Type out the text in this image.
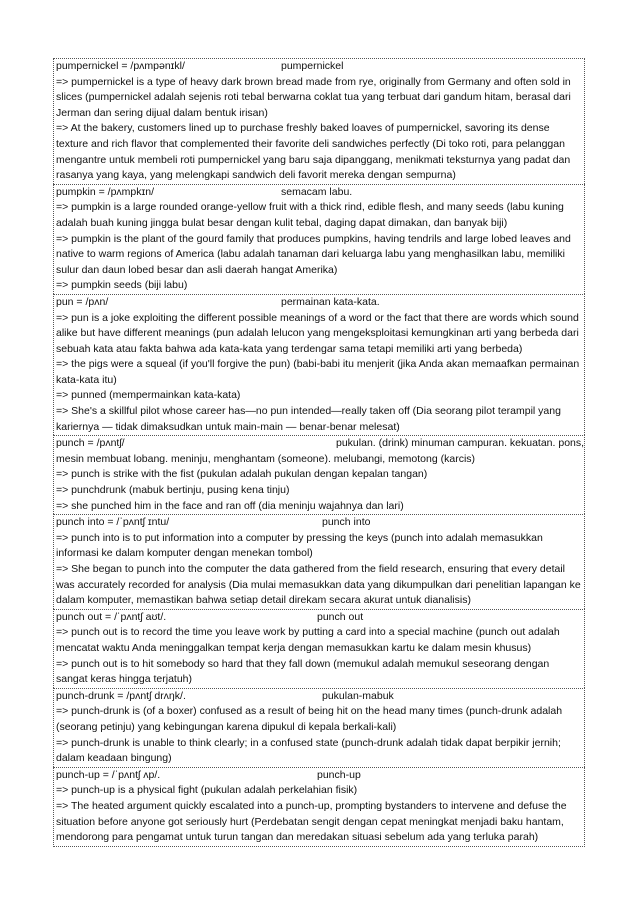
pumpernickel = /pʌmpənɪkl/	pumpernickel

=> pumpernickel is a type of heavy dark brown bread made from rye, originally from Germany and often sold in slices (pumpernickel adalah sejenis roti tebal berwarna coklat tua yang terbuat dari gandum hitam, berasal dari Jerman dan sering dijual dalam bentuk irisan)

=> At the bakery, customers lined up to purchase freshly baked loaves of pumpernickel, savoring its dense texture and rich flavor that complemented their favorite deli sandwiches perfectly (Di toko roti, para pelanggan mengantre untuk membeli roti pumpernickel yang baru saja dipanggang, menikmati teksturnya yang padat dan rasanya yang kaya, yang melengkapi sandwich deli favorit mereka dengan sempurna)

pumpkin = /pʌmpkɪn/	semacam labu.

=> pumpkin is a large rounded orange-yellow fruit with a thick rind, edible flesh, and many seeds (labu kuning adalah buah kuning jingga bulat besar dengan kulit tebal, daging dapat dimakan, dan banyak biji)

=> pumpkin is the plant of the gourd family that produces pumpkins, having tendrils and large lobed leaves and native to warm regions of America (labu adalah tanaman dari keluarga labu yang menghasilkan labu, memiliki sulur dan daun lobed besar dan asli daerah hangat Amerika)

=> pumpkin seeds (biji labu)

pun = /pʌn/	permainan kata-kata.

=> pun is a joke exploiting the different possible meanings of a word or the fact that there are words which sound alike but have different meanings (pun adalah lelucon yang mengeksploitasi kemungkinan arti yang berbeda dari sebuah kata atau fakta bahwa ada kata-kata yang terdengar sama tetapi memiliki arti yang berbeda)

=> the pigs were a squeal (if you'll forgive the pun) (babi-babi itu menjerit (jika Anda akan memaafkan permainan kata-kata itu)

=> punned (mempermainkan kata-kata)

=> She's a skillful pilot whose career has—no pun intended—really taken off (Dia seorang pilot terampil yang kariernya — tidak dimaksudkan untuk main-main — benar-benar melesat)

punch = /pʌntʃ/	pukulan. (drink) minuman campuran. kekuatan. pons,

mesin membuat lobang. meninju, menghantam (someone). melubangi, memotong (karcis)

=> punch is strike with the fist (pukulan adalah pukulan dengan kepalan tangan)

=> punchdrunk (mabuk bertinju, pusing kena tinju)

=> she punched him in the face and ran off (dia meninju wajahnya dan lari)

punch into = /ˈpʌntʃ ɪntu/	punch into

=> punch into is to put information into a computer by pressing the keys (punch into adalah memasukkan informasi ke dalam komputer dengan menekan tombol)

=> She began to punch into the computer the data gathered from the field research, ensuring that every detail was accurately recorded for analysis (Dia mulai memasukkan data yang dikumpulkan dari penelitian lapangan ke dalam komputer, memastikan bahwa setiap detail direkam secara akurat untuk dianalisis)

punch out = /ˈpʌntʃ aʊt/.	punch out

=> punch out is to record the time you leave work by putting a card into a special machine (punch out adalah mencatat waktu Anda meninggalkan tempat kerja dengan memasukkan kartu ke dalam mesin khusus)

=> punch out is to hit somebody so hard that they fall down (memukul adalah memukul seseorang dengan sangat keras hingga terjatuh)

punch-drunk = /pʌntʃ drʌŋk/.	pukulan-mabuk

=> punch-drunk is (of a boxer) confused as a result of being hit on the head many times (punch-drunk adalah (seorang petinju) yang kebingungan karena dipukul di kepala berkali-kali)

=> punch-drunk is unable to think clearly; in a confused state (punch-drunk adalah tidak dapat berpikir jernih; dalam keadaan bingung)

punch-up = /ˈpʌntʃ ʌp/.	punch-up

=> punch-up is a physical fight (pukulan adalah perkelahian fisik)

=> The heated argument quickly escalated into a punch-up, prompting bystanders to intervene and defuse the situation before anyone got seriously hurt (Perdebatan sengit dengan cepat meningkat menjadi baku hantam, mendorong para pengamat untuk turun tangan dan meredakan situasi sebelum ada yang terluka parah)
